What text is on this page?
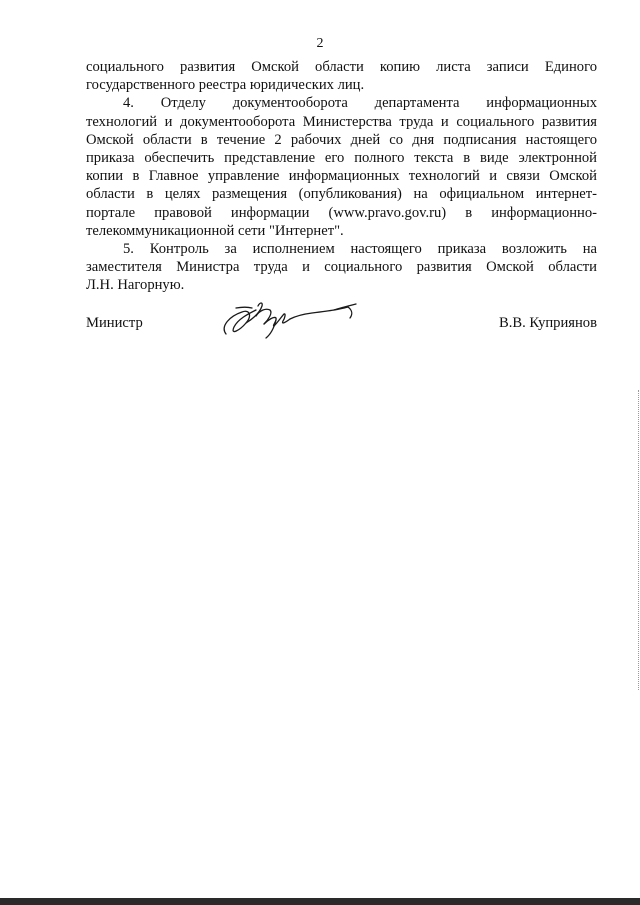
2

социального развития Омской области копию листа записи Единого
государственного реестра юридических лиц.

4. Отделу документооборота департамента информационных
технологий и документооборота Министерства труда и социального развития
Омской области в течение 2 рабочих дней со дня подписания настоящего
приказа обеспечить представление его полного текста в виде электронной
копии в Главное управление информационных технологий и связи Омской
области в целях размещения (опубликования) на официальном интернет-
портале правовой информации (www.pravo.gov.ru) в информационно-
телекоммуникационной сети "Интернет".

5. Контроль за исполнением настоящего приказа возложить на
заместителя Министра труда и социального развития Омской области
Л.Н. Нагорную.

Министр	В.В. Куприянов
